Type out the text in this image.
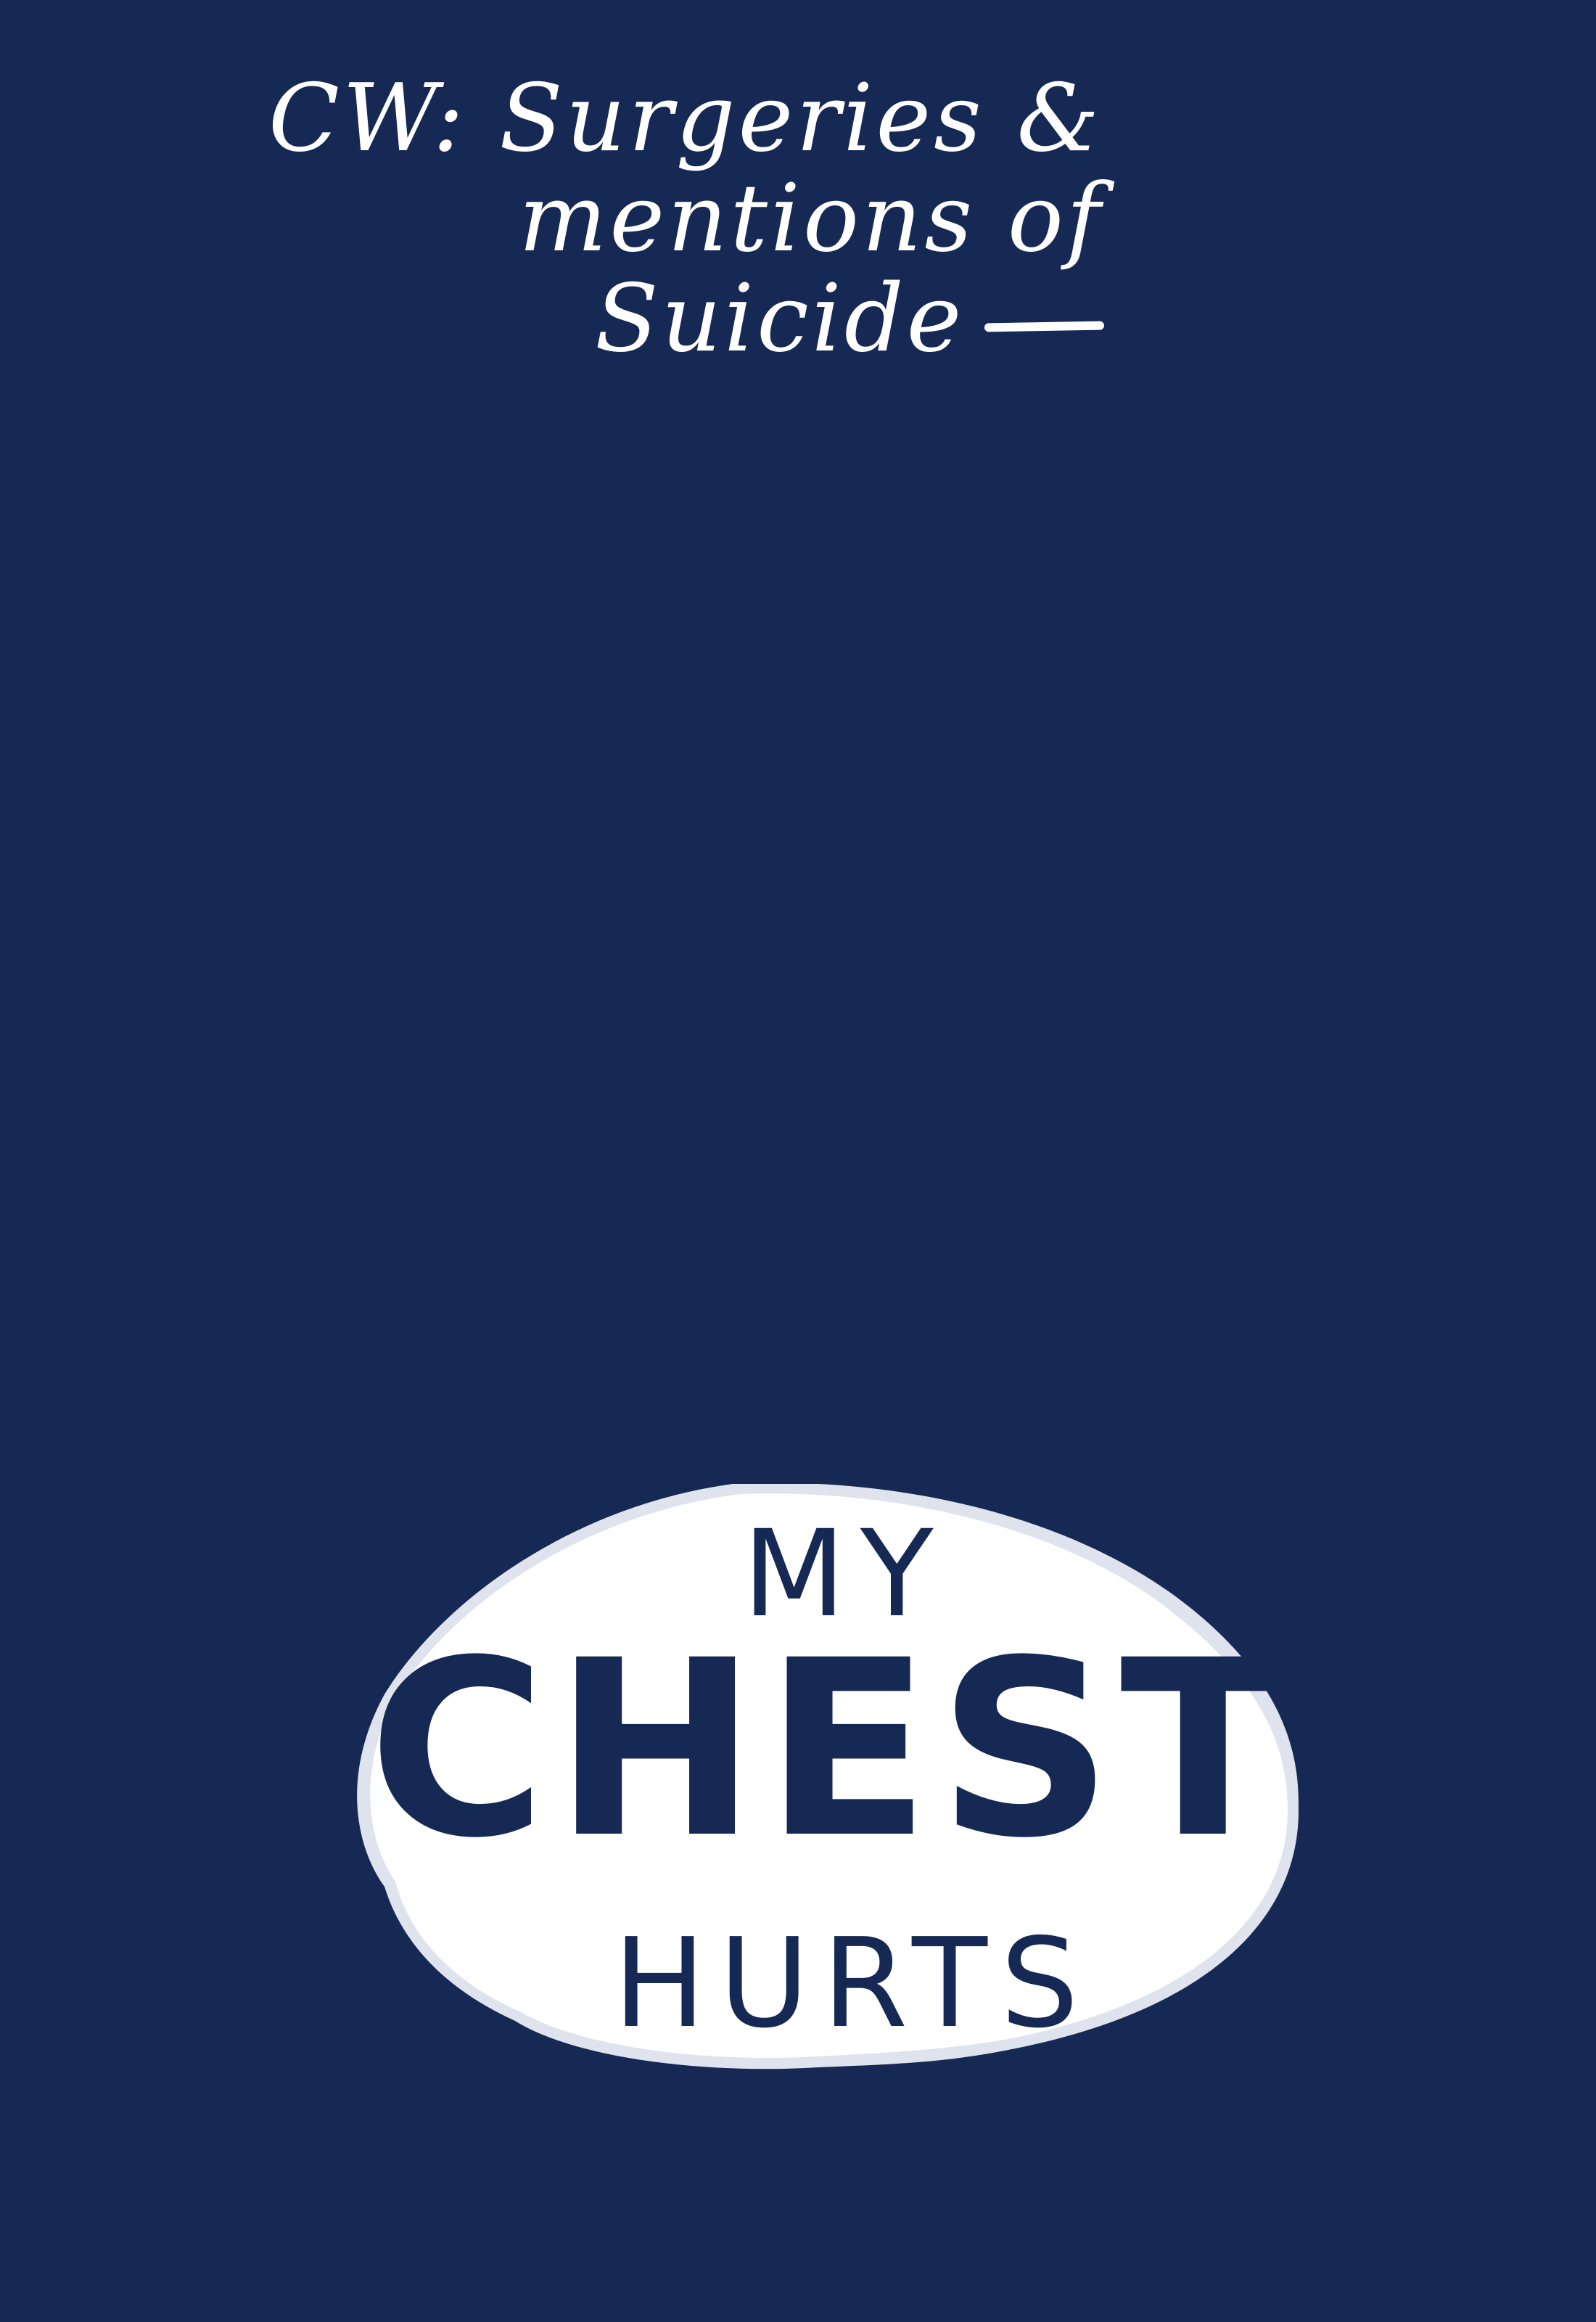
CW: Surgeries &
mentions of
Suicide
MY
CHEST
HURTS
